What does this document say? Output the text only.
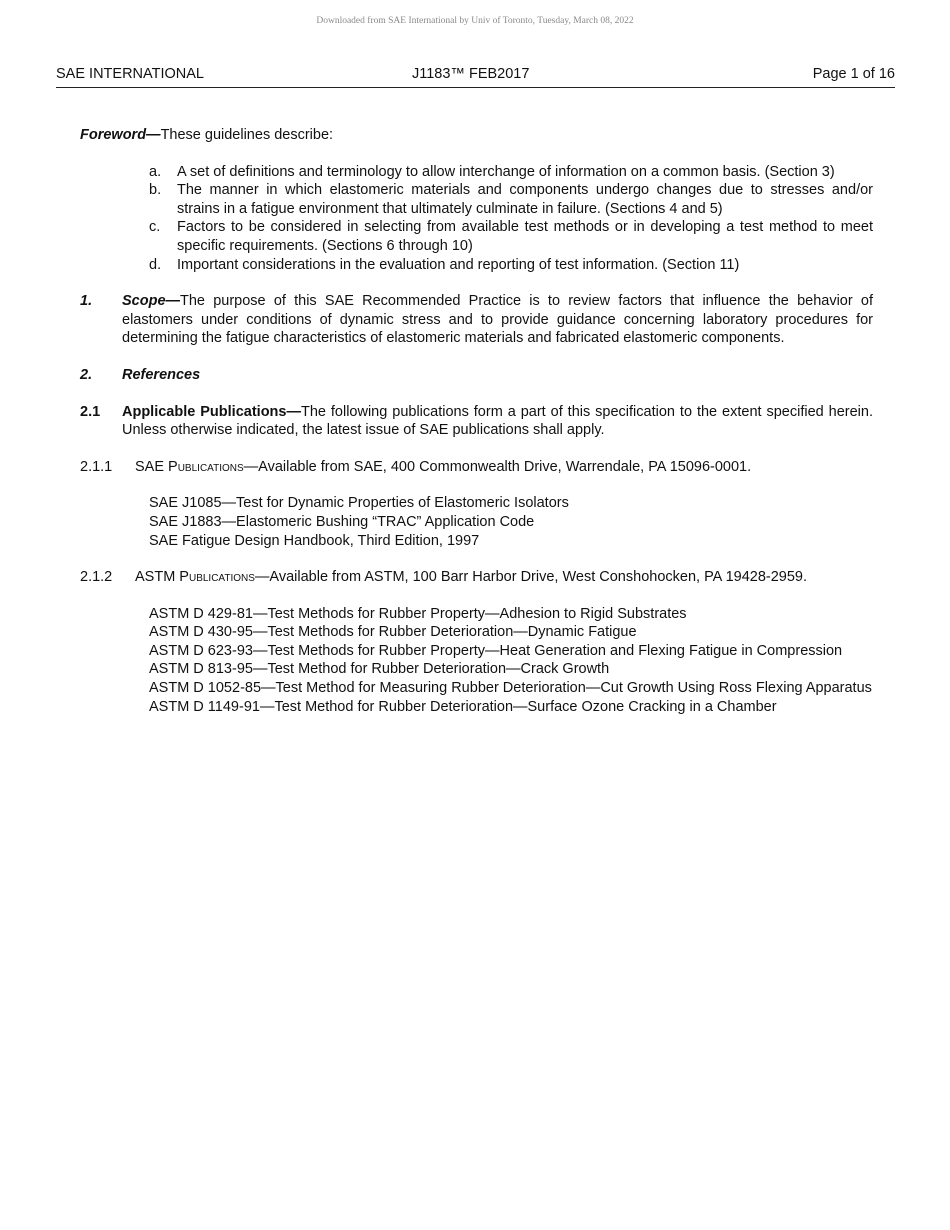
Downloaded from SAE International by Univ of Toronto, Tuesday, March 08, 2022
SAE INTERNATIONAL	J1183™ FEB2017	Page 1 of 16

Foreword—These guidelines describe:

a. A set of definitions and terminology to allow interchange of information on a common basis. (Section 3)
b. The manner in which elastomeric materials and components undergo changes due to stresses and/or strains in a fatigue environment that ultimately culminate in failure. (Sections 4 and 5)
c. Factors to be considered in selecting from available test methods or in developing a test method to meet specific requirements. (Sections 6 through 10)
d. Important considerations in the evaluation and reporting of test information. (Section 11)
1. Scope—The purpose of this SAE Recommended Practice is to review factors that influence the behavior of elastomers under conditions of dynamic stress and to provide guidance concerning laboratory procedures for determining the fatigue characteristics of elastomeric materials and fabricated elastomeric components.
2. References
2.1 Applicable Publications—The following publications form a part of this specification to the extent specified herein. Unless otherwise indicated, the latest issue of SAE publications shall apply.
2.1.1 SAE Publications—Available from SAE, 400 Commonwealth Drive, Warrendale, PA 15096-0001.
SAE J1085—Test for Dynamic Properties of Elastomeric Isolators
SAE J1883—Elastomeric Bushing “TRAC” Application Code
SAE Fatigue Design Handbook, Third Edition, 1997
2.1.2 ASTM Publications—Available from ASTM, 100 Barr Harbor Drive, West Conshohocken, PA 19428-2959.
ASTM D 429-81—Test Methods for Rubber Property—Adhesion to Rigid Substrates
ASTM D 430-95—Test Methods for Rubber Deterioration—Dynamic Fatigue
ASTM D 623-93—Test Methods for Rubber Property—Heat Generation and Flexing Fatigue in Compression
ASTM D 813-95—Test Method for Rubber Deterioration—Crack Growth
ASTM D 1052-85—Test Method for Measuring Rubber Deterioration—Cut Growth Using Ross Flexing Apparatus
ASTM D 1149-91—Test Method for Rubber Deterioration—Surface Ozone Cracking in a Chamber
